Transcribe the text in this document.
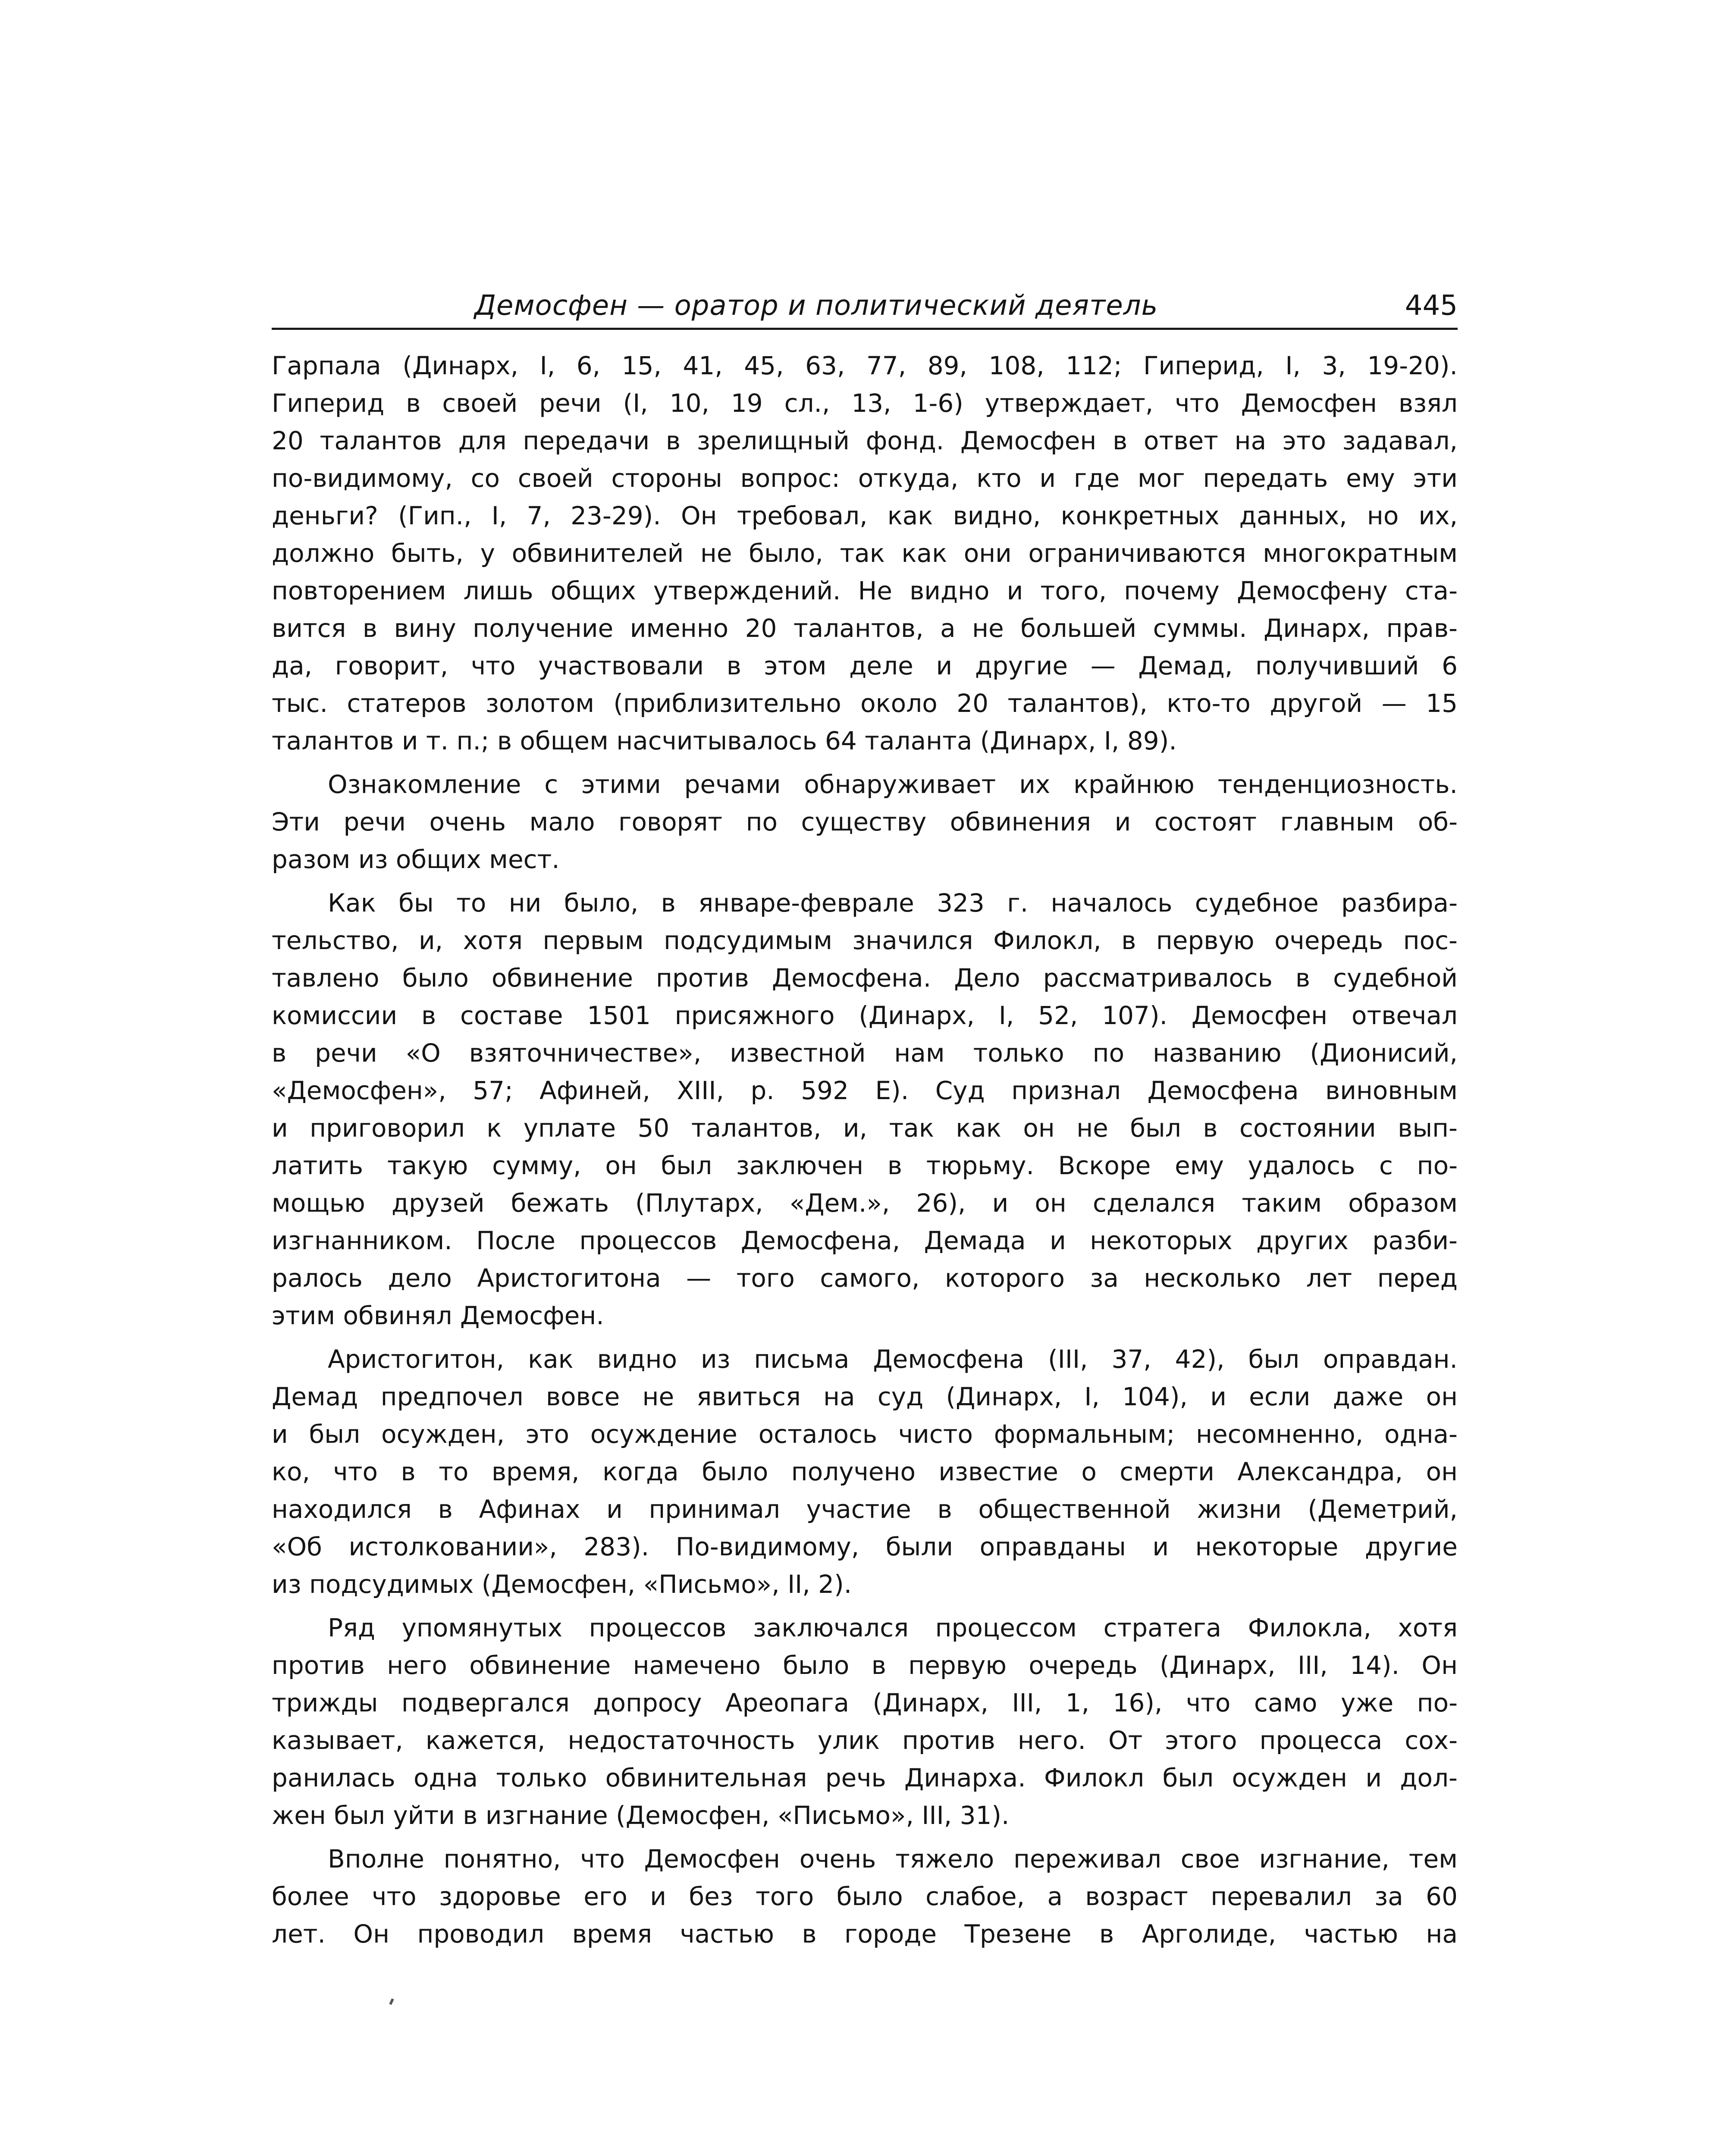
Демосфен — оратор и политический деятель	445
Гарпала (Динарх, I, 6, 15, 41, 45, 63, 77, 89, 108, 112; Гиперид, I, 3, 19-20).
Гиперид в своей речи (I, 10, 19 сл., 13, 1-6) утверждает, что Демосфен взял
20 талантов для передачи в зрелищный фонд. Демосфен в ответ на это задавал,
по-видимому, со своей стороны вопрос: откуда, кто и где мог передать ему эти
деньги? (Гип., I, 7, 23-29). Он требовал, как видно, конкретных данных, но их,
должно быть, у обвинителей не было, так как они ограничиваются многократным
повторением лишь общих утверждений. Не видно и того, почему Демосфену ста-
вится в вину получение именно 20 талантов, а не большей суммы. Динарх, прав-
да, говорит, что участвовали в этом деле и другие — Демад, получивший 6
тыс. статеров золотом (приблизительно около 20 талантов), кто-то другой — 15
талантов и т. п.; в общем насчитывалось 64 таланта (Динарх, I, 89).
Ознакомление с этими речами обнаруживает их крайнюю тенденциозность.
Эти речи очень мало говорят по существу обвинения и состоят главным об-
разом из общих мест.
Как бы то ни было, в январе-феврале 323 г. началось судебное разбира-
тельство, и, хотя первым подсудимым значился Филокл, в первую очередь пос-
тавлено было обвинение против Демосфена. Дело рассматривалось в судебной
комиссии в составе 1501 присяжного (Динарх, I, 52, 107). Демосфен отвечал
в речи «О взяточничестве», известной нам только по названию (Дионисий,
«Демосфен», 57; Афиней, XIII, p. 592 E). Суд признал Демосфена виновным
и приговорил к уплате 50 талантов, и, так как он не был в состоянии вып-
латить такую сумму, он был заключен в тюрьму. Вскоре ему удалось с по-
мощью друзей бежать (Плутарх, «Дем.», 26), и он сделался таким образом
изгнанником. После процессов Демосфена, Демада и некоторых других разби-
ралось дело Аристогитона — того самого, которого за несколько лет перед
этим обвинял Демосфен.
Аристогитон, как видно из письма Демосфена (III, 37, 42), был оправдан.
Демад предпочел вовсе не явиться на суд (Динарх, I, 104), и если даже он
и был осужден, это осуждение осталось чисто формальным; несомненно, одна-
ко, что в то время, когда было получено известие о смерти Александра, он
находился в Афинах и принимал участие в общественной жизни (Деметрий,
«Об истолковании», 283). По-видимому, были оправданы и некоторые другие
из подсудимых (Демосфен, «Письмо», II, 2).
Ряд упомянутых процессов заключался процессом стратега Филокла, хотя
против него обвинение намечено было в первую очередь (Динарх, III, 14). Он
трижды подвергался допросу Ареопага (Динарх, III, 1, 16), что само уже по-
казывает, кажется, недостаточность улик против него. От этого процесса сох-
ранилась одна только обвинительная речь Динарха. Филокл был осужден и дол-
жен был уйти в изгнание (Демосфен, «Письмо», III, 31).
Вполне понятно, что Демосфен очень тяжело переживал свое изгнание, тем
более что здоровье его и без того было слабое, а возраст перевалил за 60
лет. Он проводил время частью в городе Трезене в Арголиде, частью на
